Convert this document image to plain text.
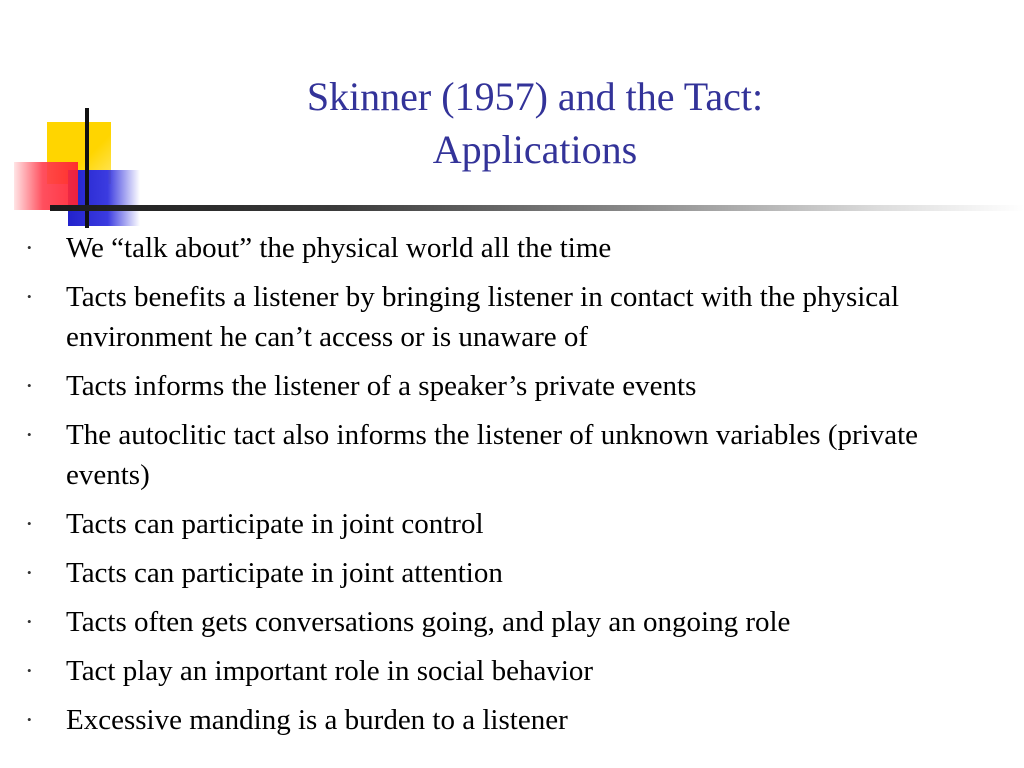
Skinner (1957) and the Tact:
Applications
• We “talk about” the physical world all the time
• Tacts benefits a listener by bringing listener in contact with the physical environment he can’t access or is unaware of
• Tacts informs the listener of a speaker’s private events
• The autoclitic tact also informs the listener of unknown variables (private events)
• Tacts can participate in joint control
• Tacts can participate in joint attention
• Tacts often gets conversations going, and play an ongoing role
• Tact play an important role in social behavior
• Excessive manding is a burden to a listener
